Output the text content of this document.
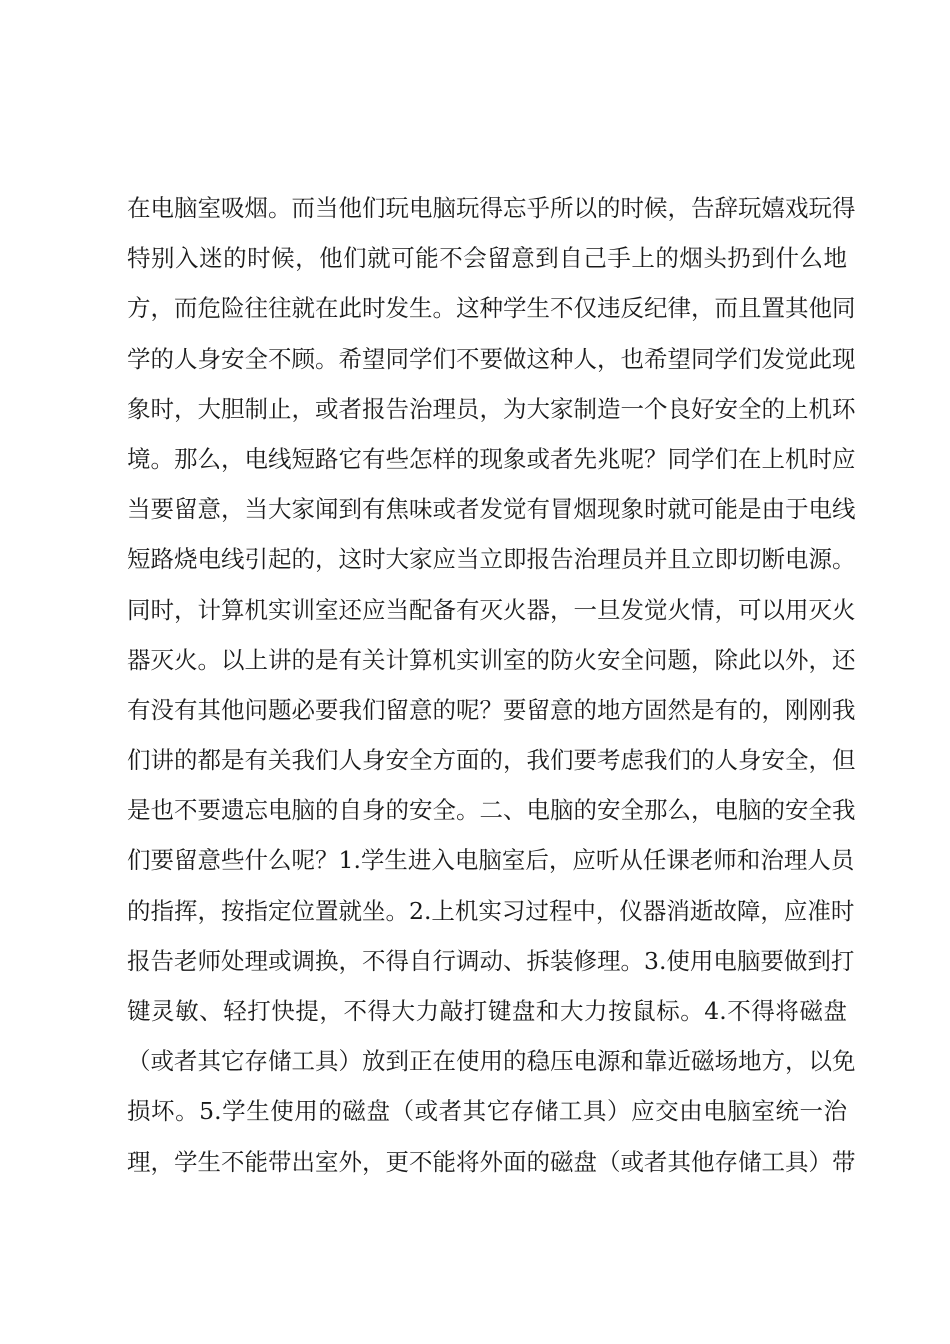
在电脑室吸烟。而当他们玩电脑玩得忘乎所以的时候，告辞玩嬉戏玩得
特别入迷的时候，他们就可能不会留意到自己手上的烟头扔到什么地
方，而危险往往就在此时发生。这种学生不仅违反纪律，而且置其他同
学的人身安全不顾。希望同学们不要做这种人，也希望同学们发觉此现
象时，大胆制止，或者报告治理员，为大家制造一个良好安全的上机环
境。那么，电线短路它有些怎样的现象或者先兆呢？同学们在上机时应
当要留意，当大家闻到有焦味或者发觉有冒烟现象时就可能是由于电线
短路烧电线引起的，这时大家应当立即报告治理员并且立即切断电源。
同时，计算机实训室还应当配备有灭火器，一旦发觉火情，可以用灭火
器灭火。以上讲的是有关计算机实训室的防火安全问题，除此以外，还
有没有其他问题必要我们留意的呢？要留意的地方固然是有的，刚刚我
们讲的都是有关我们人身安全方面的，我们要考虑我们的人身安全，但
是也不要遗忘电脑的自身的安全。二、电脑的安全那么，电脑的安全我
们要留意些什么呢？1.学生进入电脑室后，应听从任课老师和治理人员
的指挥，按指定位置就坐。2.上机实习过程中，仪器消逝故障，应准时
报告老师处理或调换，不得自行调动、拆装修理。3.使用电脑要做到打
键灵敏、轻打快提，不得大力敲打键盘和大力按鼠标。4.不得将磁盘
（或者其它存储工具）放到正在使用的稳压电源和靠近磁场地方，以免
损坏。5.学生使用的磁盘（或者其它存储工具）应交由电脑室统一治
理，学生不能带出室外，更不能将外面的磁盘（或者其他存储工具）带
